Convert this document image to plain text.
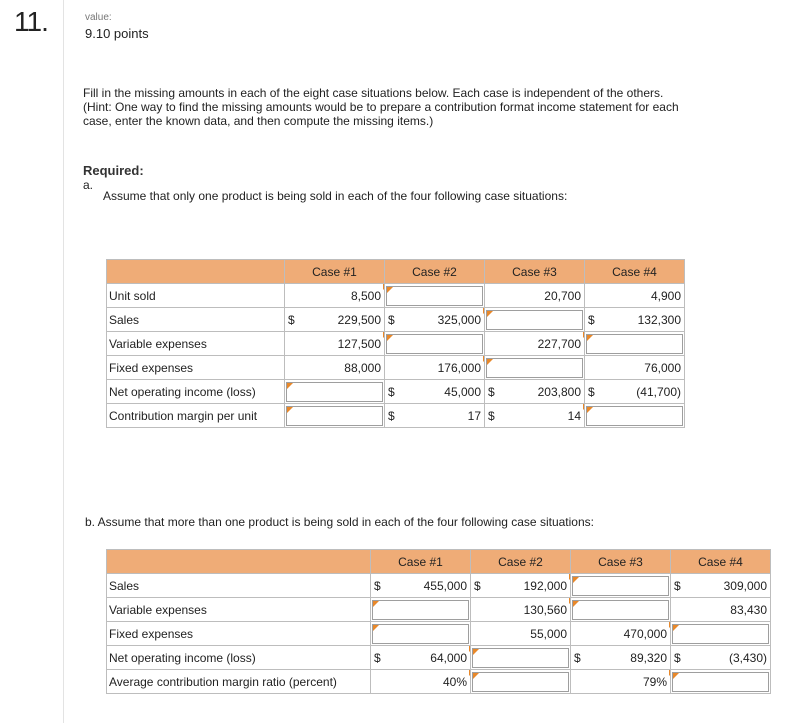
11.	value:
9.10 points
Fill in the missing amounts in each of the eight case situations below. Each case is independent of the others. (Hint: One way to find the missing amounts would be to prepare a contribution format income statement for each case, enter the known data, and then compute the missing items.)
Required:
a.
Assume that only one product is being sold in each of the four following case situations:
	Case #1	Case #2	Case #3	Case #4
Unit sold	8,500		20,700	4,900

Sales	$ 229,500	$ 325,000		$ 132,300

Variable expenses	127,500		227,700	

Fixed expenses	88,000	176,000		76,000

Net operating income (loss)		$ 45,000	$ 203,800	$ (41,700)

Contribution margin per unit		$ 17	$ 14	

b. Assume that more than one product is being sold in each of the four following case situations:
	Case #1	Case #2	Case #3	Case #4
Sales	$ 455,000	$ 192,000		$ 309,000

Variable expenses		130,560		83,430

Fixed expenses		55,000	470,000	

Net operating income (loss)	$ 64,000		$ 89,320	$ (3,430)

Average contribution margin ratio (percent)	40%		79%	
